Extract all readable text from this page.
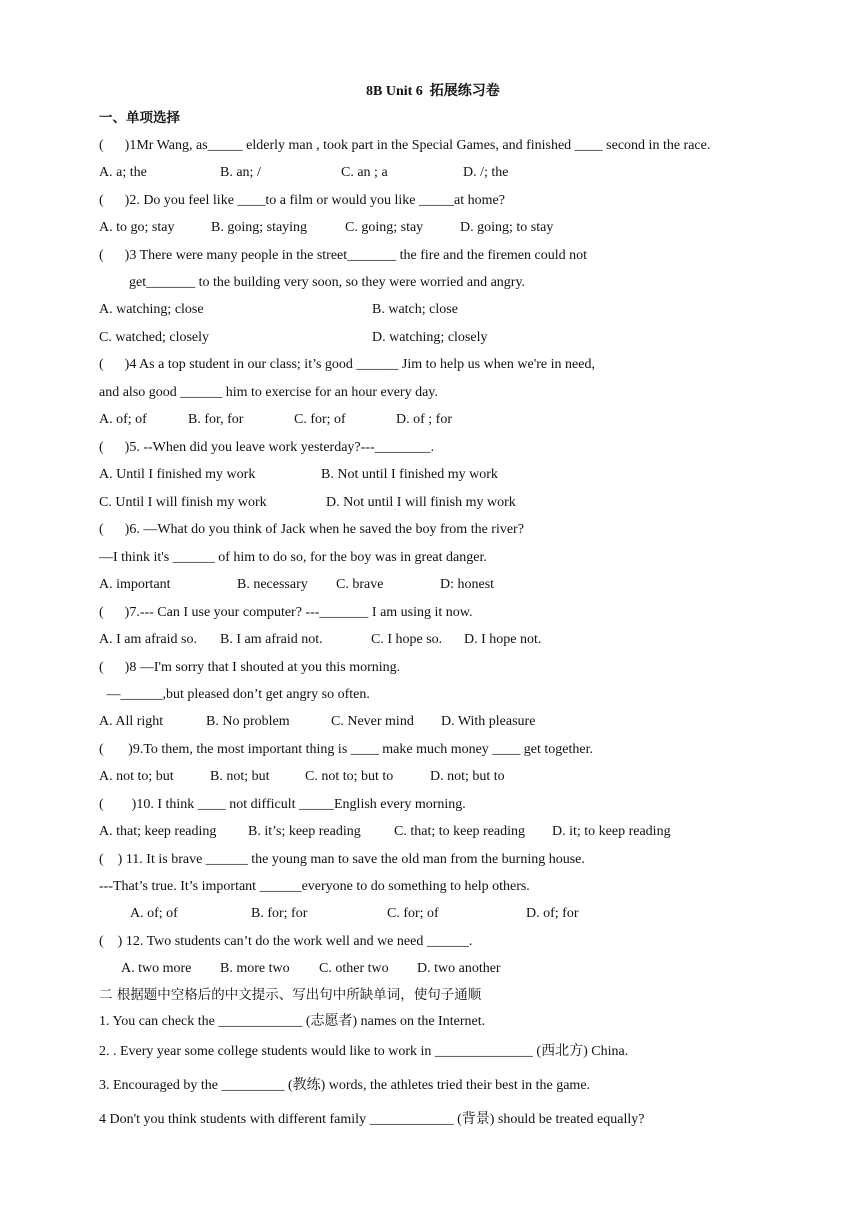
8B Unit 6  拓展练习卷
一、单项选择
(      )1Mr Wang, as_____ elderly man , took part in the Special Games, and finished ____ second in the race.
A. a; the	B. an; /	C. an ; a	D. /; the
(      )2. Do you feel like ____to a film or would you like _____at home?
A. to go; stay	B. going; staying	C. going; stay	D. going; to stay
(      )3 There were many people in the street_______ the fire and the firemen could not
get_______ to the building very soon, so they were worried and angry.
A. watching; close	B. watch; close
C. watched; closely	D. watching; closely
(      )4 As a top student in our class; it’s good ______ Jim to help us when we're in need,
and also good ______ him to exercise for an hour every day.
A. of; of	B. for, for	C. for; of	D. of ; for
(      )5. --When did you leave work yesterday?---________.
A. Until I finished my work	B. Not until I finished my work
C. Until I will finish my work	D. Not until I will finish my work
(      )6. —What do you think of Jack when he saved the boy from the river?
—I think it's ______ of him to do so, for the boy was in great danger.
A. important	B. necessary C. brave	D: honest
(      )7.--- Can I use your computer? ---_______ I am using it now.
A. I am afraid so. B. I am afraid not.	C. I hope so. D. I hope not.
(      )8 —I'm sorry that I shouted at you this morning.
—______,but pleased don’t get angry so often.
A. All right	B. No problem	C. Never mind D. With pleasure
(       )9.To them, the most important thing is ____ make much money ____ get together.
A. not to; but	B. not; but	C. not to; but to	D. not; but to
(        )10. I think ____ not difficult _____English every morning.
A. that; keep reading B. it’s; keep reading C. that; to keep reading D. it; to keep reading
(    ) 11. It is brave ______ the young man to save the old man from the burning house.
---That’s true. It’s important ______everyone to do something to help others.
A. of; of	B. for; for	C. for; of	D. of; for
(    ) 12. Two students can’t do the work well and we need ______.
A. two more B. more two C. other two D. two another
二 根据题中空格后的中文提示、写出句中所缺单词，使句子通顺
1. You can check the ____________ (志愿者) names on the Internet.
2. . Every year some college students would like to work in ______________ (西北方) China.
3. Encouraged by the _________ (教练) words, the athletes tried their best in the game.
4 Don't you think students with different family ____________ (背景) should be treated equally?
